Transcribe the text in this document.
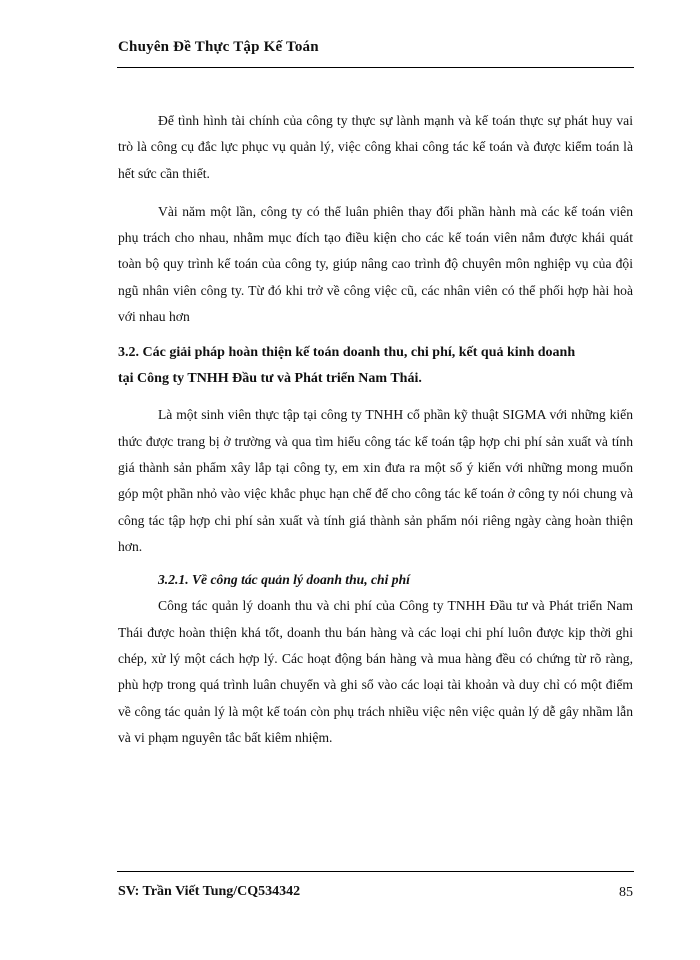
Chuyên Đề Thực Tập Kế Toán

Để tình hình tài chính của công ty thực sự lành mạnh và kế toán thực sự phát huy vai trò là công cụ đắc lực phục vụ quản lý, việc công khai công tác kế toán và được kiểm toán là hết sức cần thiết.

Vài năm một lần, công ty có thể luân phiên thay đổi phần hành mà các kế toán viên phụ trách cho nhau, nhằm mục đích tạo điều kiện cho các kế toán viên nắm được khái quát toàn bộ quy trình kế toán của công ty, giúp nâng cao trình độ chuyên môn nghiệp vụ của đội ngũ nhân viên công ty. Từ đó khi trở về công việc cũ, các nhân viên có thể phối hợp hài hoà với nhau hơn

3.2. Các giải pháp hoàn thiện kế toán doanh thu, chi phí, kết quả kinh doanh

tại Công ty TNHH Đầu tư và Phát triển Nam Thái.

Là một sinh viên thực tập tại công ty TNHH cổ phần kỹ thuật SIGMA với những kiến thức được trang bị ở trường và qua tìm hiểu công tác kế toán tập hợp chi phí sản xuất và tính giá thành sản phẩm xây lắp tại công ty, em xin đưa ra một số ý kiến với những mong muốn góp một phần nhỏ vào việc khắc phục hạn chế để cho công tác kế toán ở công ty nói chung và công tác tập hợp chi phí sản xuất và tính giá thành sản phẩm nói riêng ngày càng hoàn thiện hơn.

3.2.1. Về công tác quản lý doanh thu, chi phí

Công tác quản lý doanh thu và chi phí của Công ty TNHH Đầu tư và Phát triển Nam Thái được hoàn thiện khá tốt, doanh thu bán hàng và các loại chi phí luôn được kịp thời ghi chép, xử lý một cách hợp lý. Các hoạt động bán hàng và mua hàng đều có chứng từ rõ ràng, phù hợp trong quá trình luân chuyển và ghi sổ vào các loại tài khoản và duy chỉ có một điểm về công tác quản lý là một kế toán còn phụ trách nhiều việc nên việc quản lý dễ gây nhầm lẫn và vi phạm nguyên tắc bất kiêm nhiệm.

SV: Trần Viết Tung/CQ534342	85
